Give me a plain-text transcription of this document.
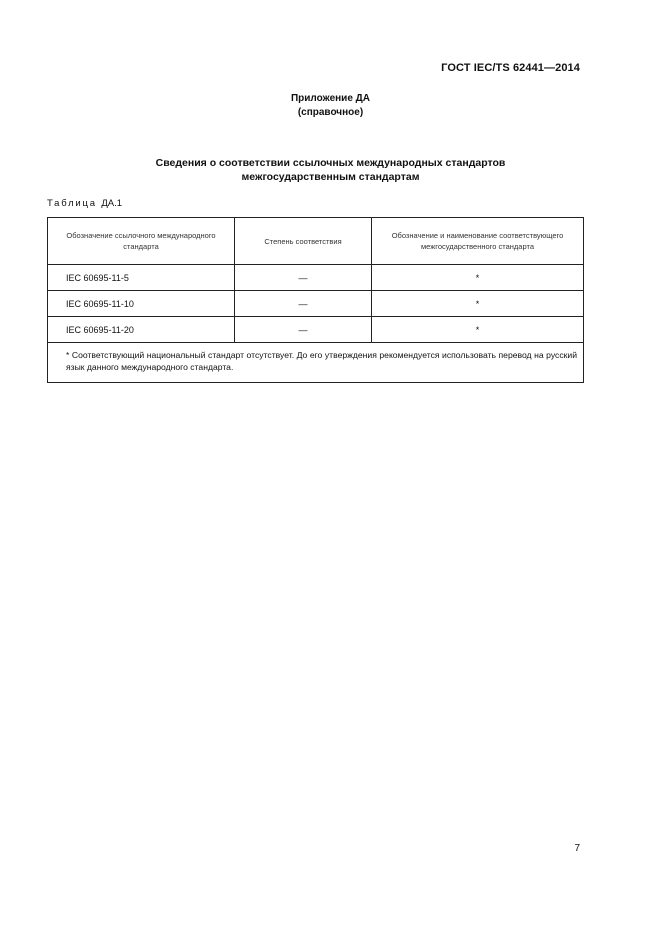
ГОСТ IEC/TS 62441—2014
Приложение ДА
(справочное)
Сведения о соответствии ссылочных международных стандартов
межгосударственным стандартам
Таблица ДА.1
Обозначение ссылочного международного стандарта	Степень соответствия	Обозначение и наименование соответствующего межгосударственного стандарта
IEC 60695-11-5	—	*
IEC 60695-11-10	—	*
IEC 60695-11-20	—	*
* Соответствующий национальный стандарт отсутствует. До его утверждения рекомендуется использовать перевод на русский язык данного международного стандарта.		
7
